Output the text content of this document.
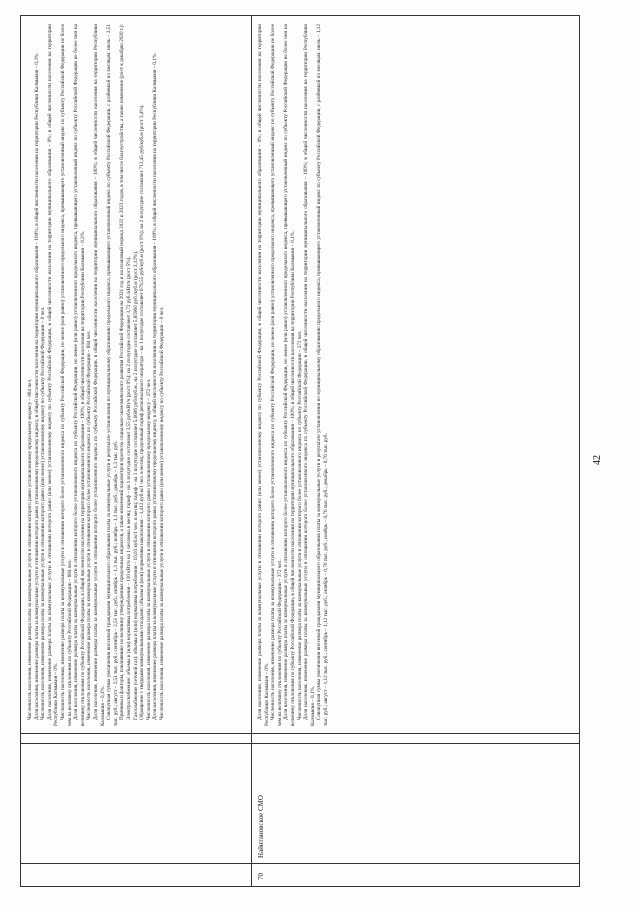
Численность населения, изменение размера платы за коммунальные услуги в отношении которого равно установленному предельному индексу – 884 чел. Доля населения, изменение размера платы за коммунальные услуги в отношении которого равно установленному предельному индексу, в общей численности населения на территории муниципального образования – 100%; в общей численности населения на территории Республики Калмыкия – 0,3%. Численность населения, изменение размера платы за коммунальные услуги в отношении которого равно (или менее) установленному индексу по субъекту Российской Федерации – 0 чел. Доля населения, изменение размера платы за коммунальные услуги в отношении которого равно (или менее) установленному индексу по субъекту Российской Федерации, в общей численности населения на территории муниципального образования – 0%; в общей численности населения на территории Республики Калмыкия – 0%. Численность населения, изменение размера платы за коммунальные услуги в отношении которого более установленного индекса по субъекту Российской Федерации, но менее (или равно) установленного предельного индекса, превышающего установленный индекс по субъекту Российской Федерации не более чем на величину отклонения по субъекту Российской Федерации – 884 чел. Доля населения, изменение размера платы за коммунальные услуги в отношении которого более установленного индекса по субъекту Российской Федерации, но менее (или равно) установленного предельного индекса, превышающего установленный индекс по субъекту Российской Федерации не более чем на величину отклонения по субъекту Российской Федерации, в общей численности населения на территории муниципального образования – 100%; в общей численности населения на территории Республики Калмыкия – 0,3%. Численность населения, изменение размера платы за коммунальные услуги в отношении которого более установленного индекса по субъекту Российской Федерации – 884 чел. Доля населения, изменение размера платы за коммунальные услуги в отношении которого более установленного индекса по субъекту Российской Федерации, в общей численности населения на территории муниципального образования – 100%; в общей численности населения на территории Республики Калмыкия – 0,3%. Совокупная сумма увеличения вносимой гражданами муниципального образования платы за коммунальные услуги в результате установления по муниципальному образованию предельного индекса, превышающего установленный индекс по субъекту Российской Федерации, с разбивкой по месяцам: июль – 2,51 тыс. руб.; август – 2,51 тыс. руб.; сентябрь – 2,51 тыс. руб.; октябрь – 1,3 тыс. руб.; ноябрь – 1,3 тыс. руб.; декабрь – 1,3 тыс. руб. Причины и факторы, повлиявшие на величину утвержденных предельных индексов, а также изменений параметров прогноза социально-экономического развития Российской Федерации на 2021 год и на плановый период 2022 и 2023 годов, в том числе благоустройства, а также изменение (рост к декабрю 2020 г.): Электроснабжение: объемы и (или) нормативы потребления – 110 кВт/ч на 1 человека в месяц; тариф – на 1 полугодие составляет 3,55 руб/кВт/ч (рост 0%); на 2 полугодие составляет 3,72 руб./кВт/ч (рост 5%). Газоснабжение (сетевой газ): объемы и (или) нормативы потребления – 10,03 куб.м/1 чел. в месяц; тариф – на 1 полугодие составляет 5,6606 руб/куб.м., на 2 полугодие составляет 5,85960 руб./куб.м (рост 3,12%). Обращение с твердыми коммунальными отходами: объемы и (или) нормативы накопления – 1,412 куб.м/1 чел. в месяц; предельный тариф регионального оператора – на 1 полугодие составляет 679,55 руб/куб.м (рост 0%); на 2 полугодие составляет 712,45 руб/куб.м (рост 3,4%). Численность населения, изменение размера платы за коммунальные услуги в отношении которого равно установленному предельному индексу – 372 чел. Доля населения, изменение размера платы за коммунальные услуги в отношении которого равно установленному предельному индексу, в общей численности населения на территории муниципального образования – 100%; в общей численности населения на территории Республики Калмыкия – 0,1%. Численность населения, изменение размера платы за коммунальные услуги в отношении которого равно (или менее) установленному индексу по субъекту Российской Федерации – 0 чел.

70
Найнтановское СМО

Доля населения, изменение размера платы за коммунальные услуги в отношении которого равно (или менее) установленному индексу по субъекту Российской Федерации, в общей численности населения на территории муниципального образования – 0%; в общей численности населения на территории Республики Калмыкия – 0%. Численность населения, изменение размера платы за коммунальные услуги в отношении которого более установленного индекса по субъекту Российской Федерации, но менее (или равно) установленного предельного индекса, превышающего установленный индекс по субъекту Российской Федерации не более чем на величину отклонения по субъекту Российской Федерации – 372 чел. Доля населения, изменение размера платы за коммунальные услуги в отношении которого более установленного индекса по субъекту Российской Федерации, но менее (или равно) установленного предельного индекса, превышающего установленный индекс по субъекту Российской Федерации не более чем на величину отклонения по субъекту Российской Федерации, в общей численности населения на территории муниципального образования – 100%; в общей численности населения на территории Республики Калмыкия – 0,1%. Численность населения, изменение размера платы за коммунальные услуги в отношении которого более установленного индекса по субъекту Российской Федерации – 372 чел. Доля населения, изменение размера платы за коммунальные услуги в отношении которого более установленного индекса по субъекту Российской Федерации, в общей численности населения на территории муниципального образования – 100%; в общей численности населения на территории Республики Калмыкия – 0,1%. Совокупная сумма увеличения вносимой гражданами муниципального образования платы за коммунальные услуги в результате установления по муниципальному образованию предельного индекса, превышающего установленный индекс по субъекту Российской Федерации, с разбивкой по месяцам: июль – 1,12 тыс. руб.; август – 1,12 тыс. руб.; сентябрь – 1,12 тыс. руб.; октябрь – 0,76 тыс. руб.; ноябрь – 0,76 тыс. руб.; декабрь – 0,76 тыс. руб.	42
